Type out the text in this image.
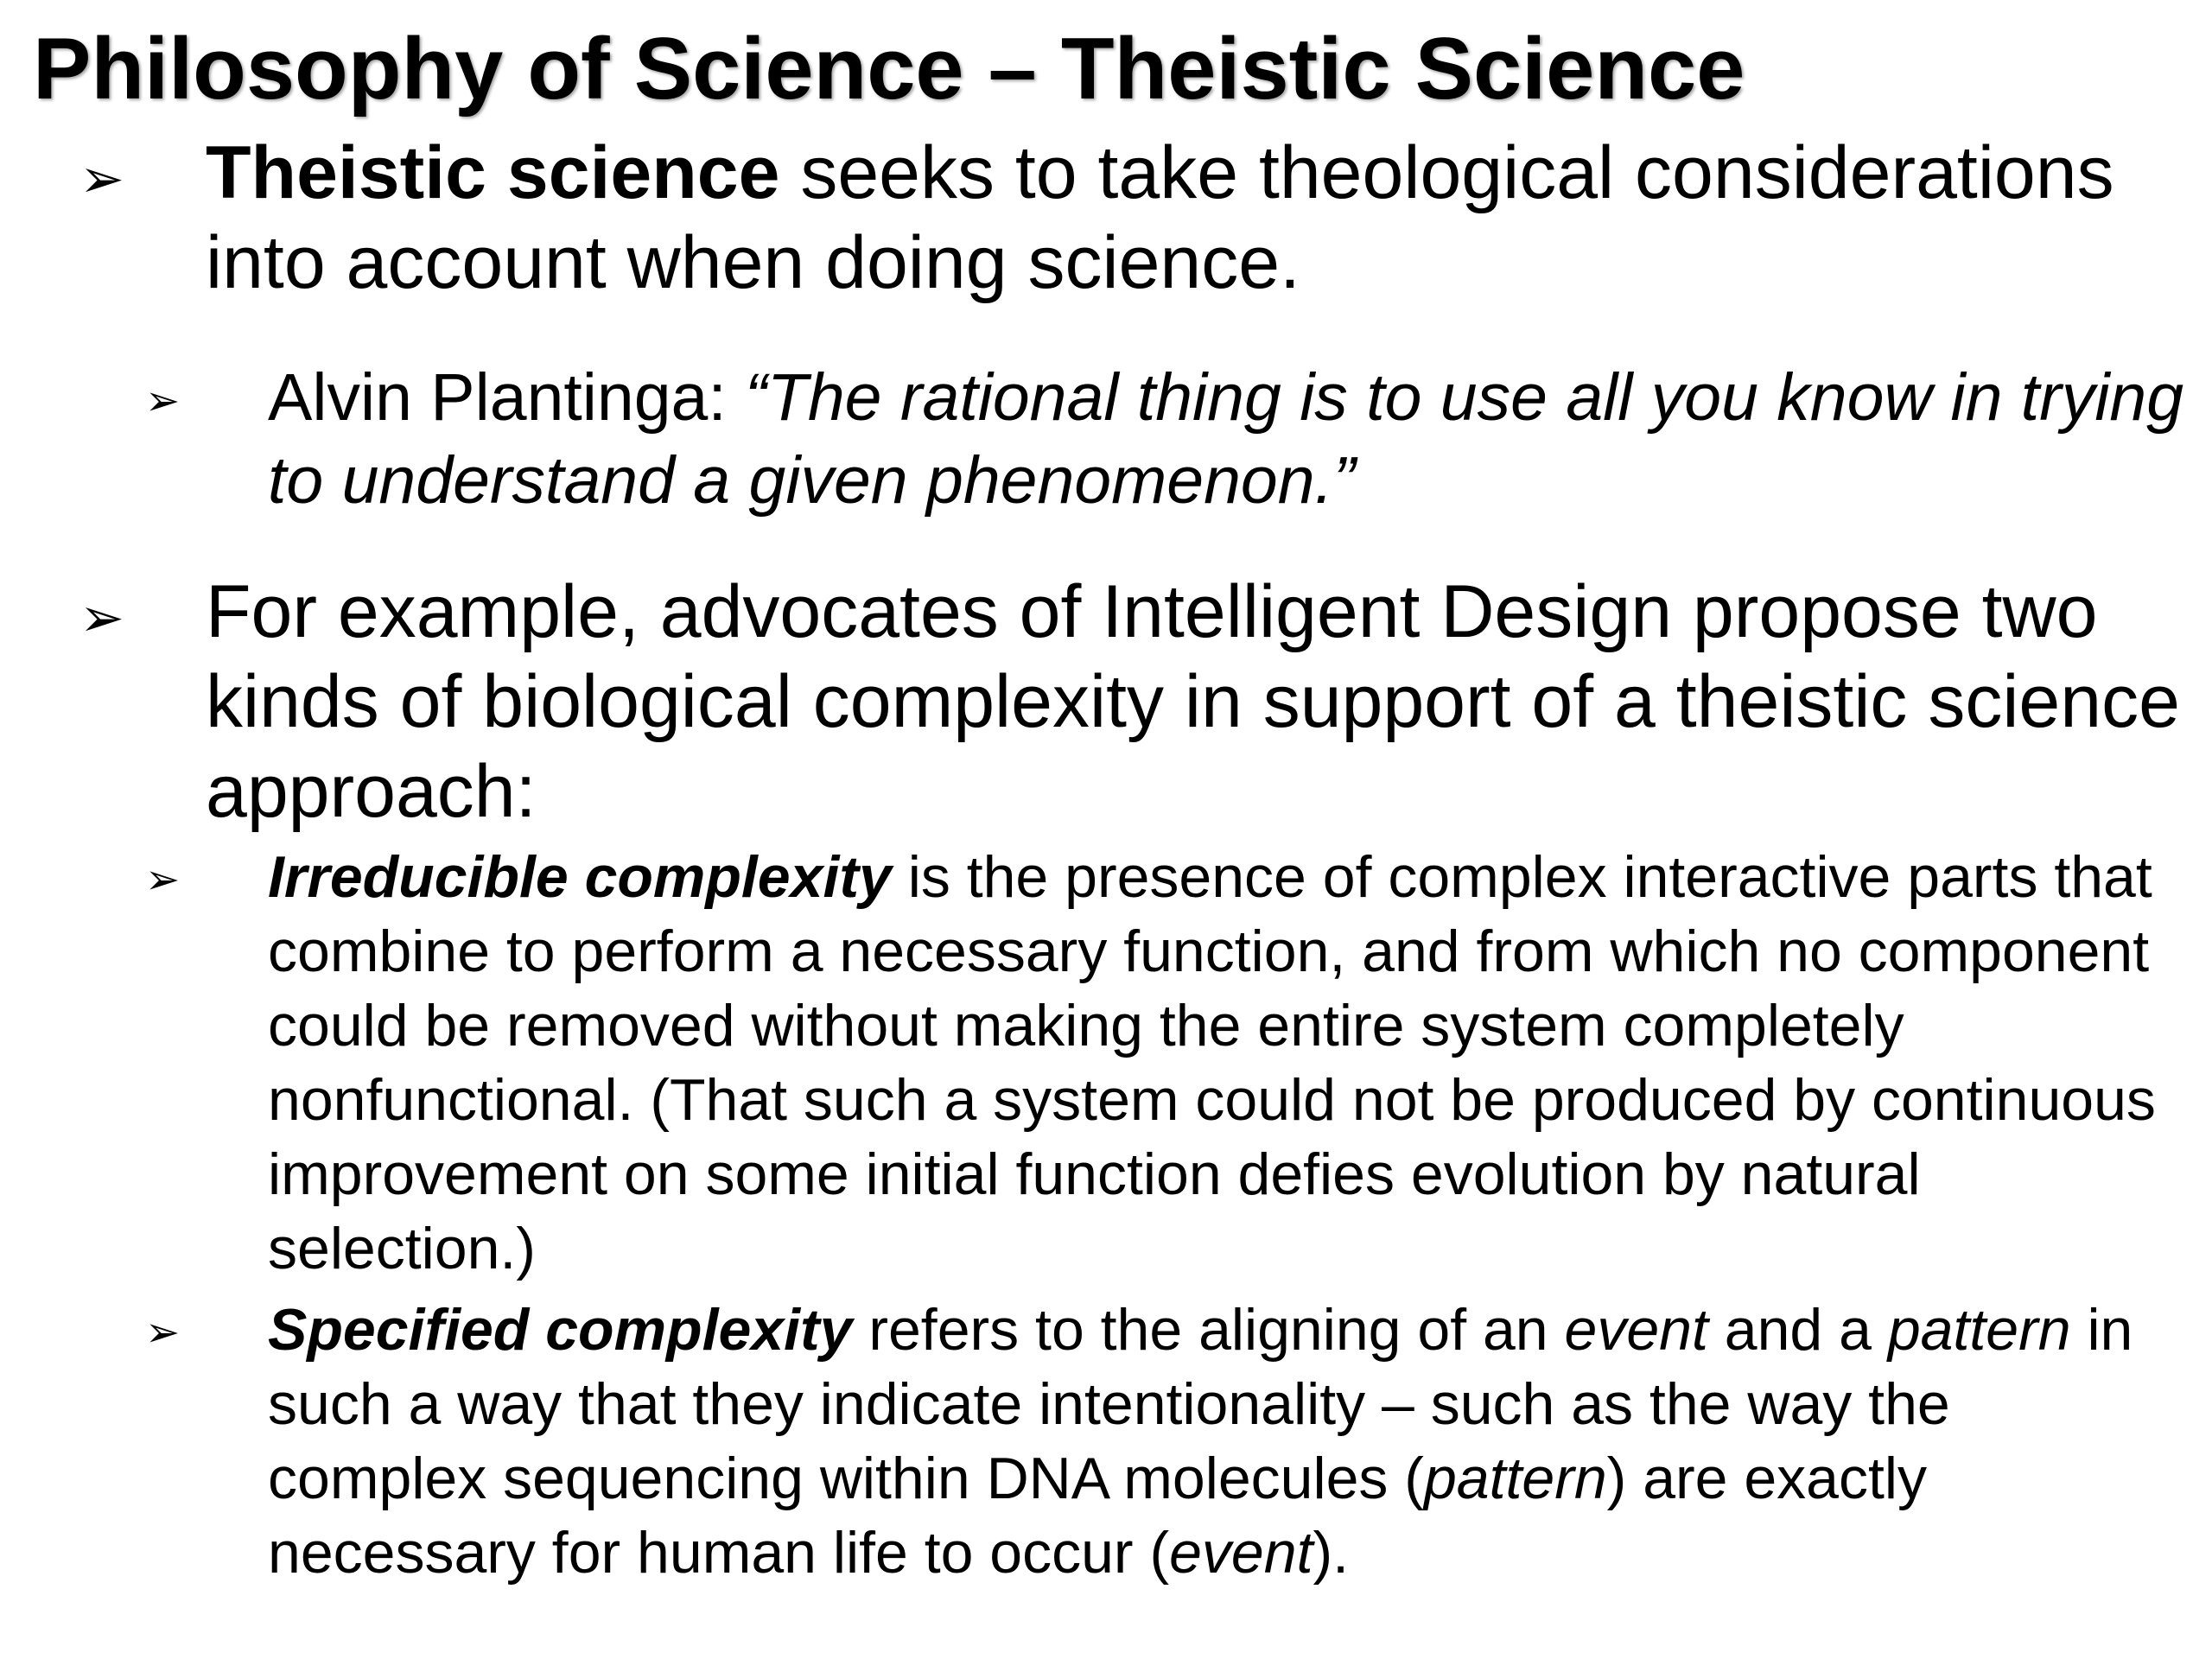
Philosophy of Science – Theistic Science
➢ Theistic science seeks to take theological considerations into account when doing science.
➢ Alvin Plantinga: “The rational thing is to use all you know in trying to understand a given phenomenon.”
➢ For example, advocates of Intelligent Design propose two kinds of biological complexity in support of a theistic science approach:
➢ Irreducible complexity is the presence of complex interactive parts that combine to perform a necessary function, and from which no component could be removed without making the entire system completely nonfunctional. (That such a system could not be produced by continuous improvement on some initial function defies evolution by natural selection.)
➢ Specified complexity refers to the aligning of an event and a pattern in such a way that they indicate intentionality – such as the way the complex sequencing within DNA molecules (pattern) are exactly necessary for human life to occur (event).
